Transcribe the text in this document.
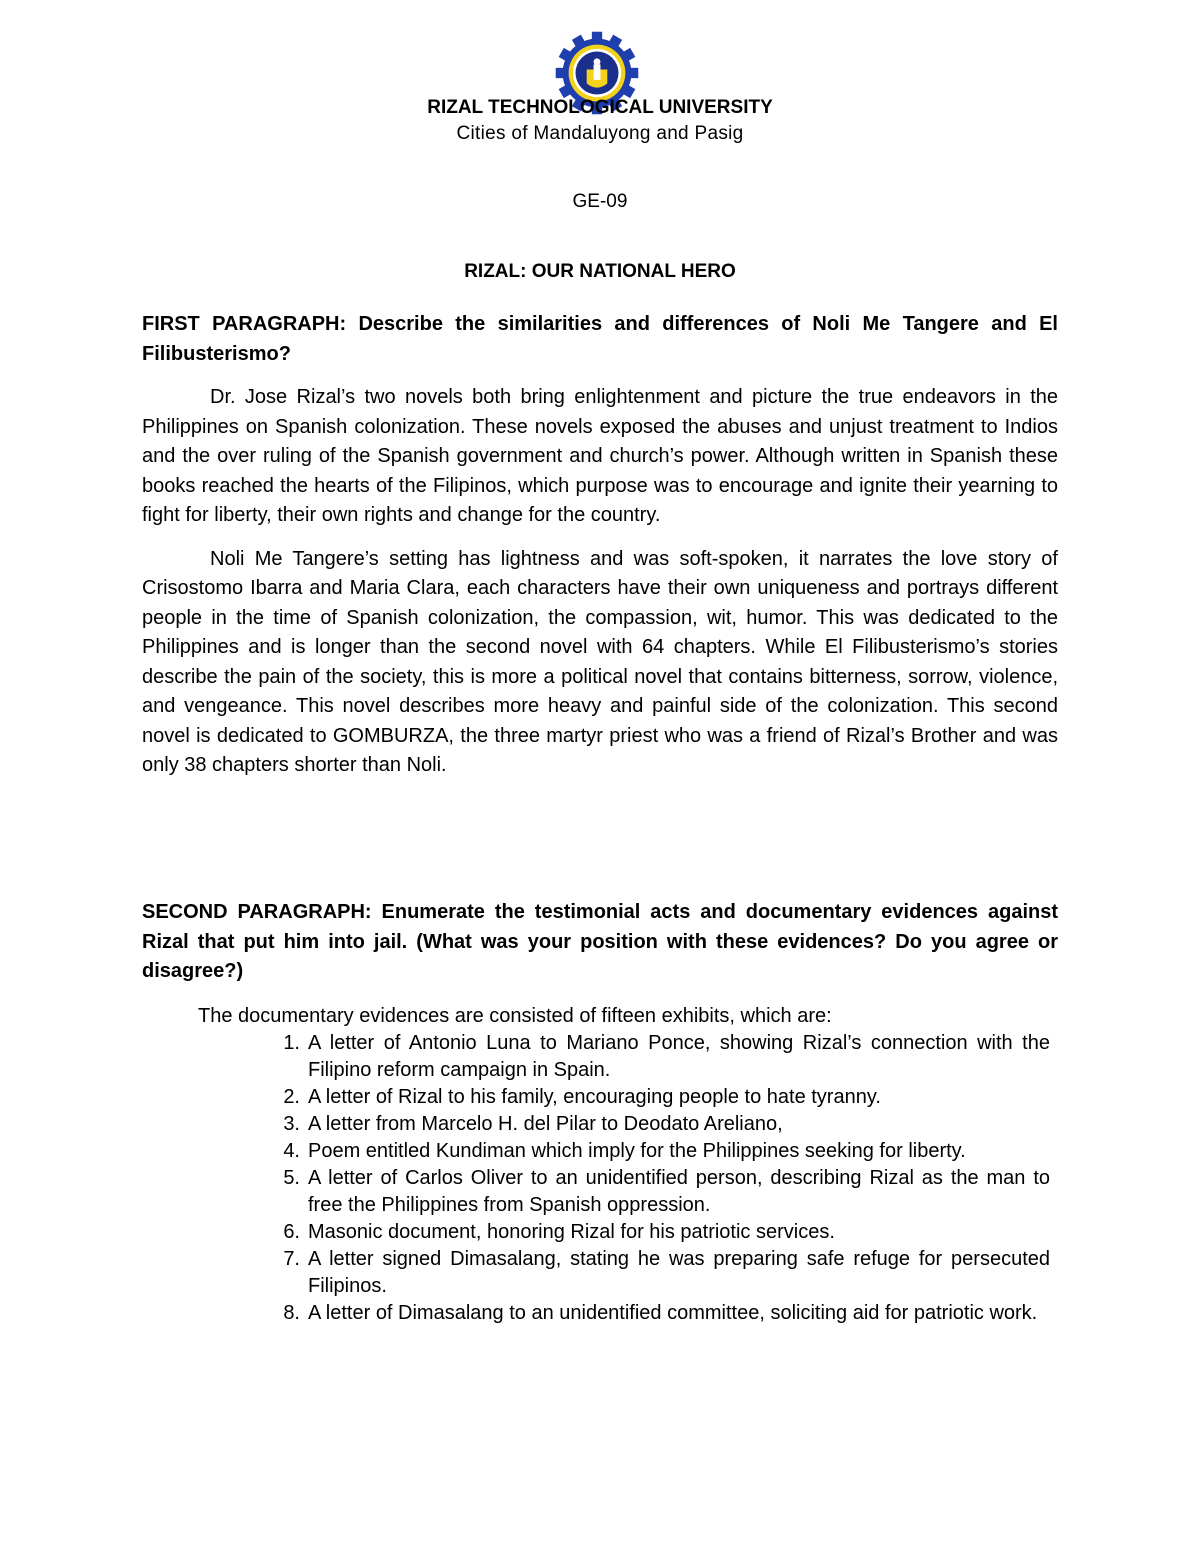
RIZAL TECHNOLOGICAL UNIVERSITY

Cities of Mandaluyong and Pasig

GE-09

RIZAL: OUR NATIONAL HERO

FIRST PARAGRAPH: Describe the similarities and differences of Noli Me Tangere and El Filibusterismo?

Dr. Jose Rizal’s two novels both bring enlightenment and picture the true endeavors in the Philippines on Spanish colonization. These novels exposed the abuses and unjust treatment to Indios and the over ruling of the Spanish government and church’s power. Although written in Spanish these books reached the hearts of the Filipinos, which purpose was to encourage and ignite their yearning to fight for liberty, their own rights and change for the country.

Noli Me Tangere’s setting has lightness and was soft-spoken, it narrates the love story of Crisostomo Ibarra and Maria Clara, each characters have their own uniqueness and portrays different people in the time of Spanish colonization, the compassion, wit, humor. This was dedicated to the Philippines and is longer than the second novel with 64 chapters. While El Filibusterismo’s stories describe the pain of the society, this is more a political novel that contains bitterness, sorrow, violence, and vengeance. This novel describes more heavy and painful side of the colonization. This second novel is dedicated to GOMBURZA, the three martyr priest who was a friend of Rizal’s Brother and was only 38 chapters shorter than Noli.

SECOND PARAGRAPH: Enumerate the testimonial acts and documentary evidences against Rizal that put him into jail. (What was your position with these evidences? Do you agree or disagree?)

The documentary evidences are consisted of fifteen exhibits, which are:

1. A letter of Antonio Luna to Mariano Ponce, showing Rizal’s connection with the Filipino reform campaign in Spain.
2. A letter of Rizal to his family, encouraging people to hate tyranny.
3. A letter from Marcelo H. del Pilar to Deodato Areliano,
4. Poem entitled Kundiman which imply for the Philippines seeking for liberty.
5. A letter of Carlos Oliver to an unidentified person, describing Rizal as the man to free the Philippines from Spanish oppression.
6. Masonic document, honoring Rizal for his patriotic services.
7. A letter signed Dimasalang, stating he was preparing safe refuge for persecuted Filipinos.
8. A letter of Dimasalang to an unidentified committee, soliciting aid for patriotic work.
